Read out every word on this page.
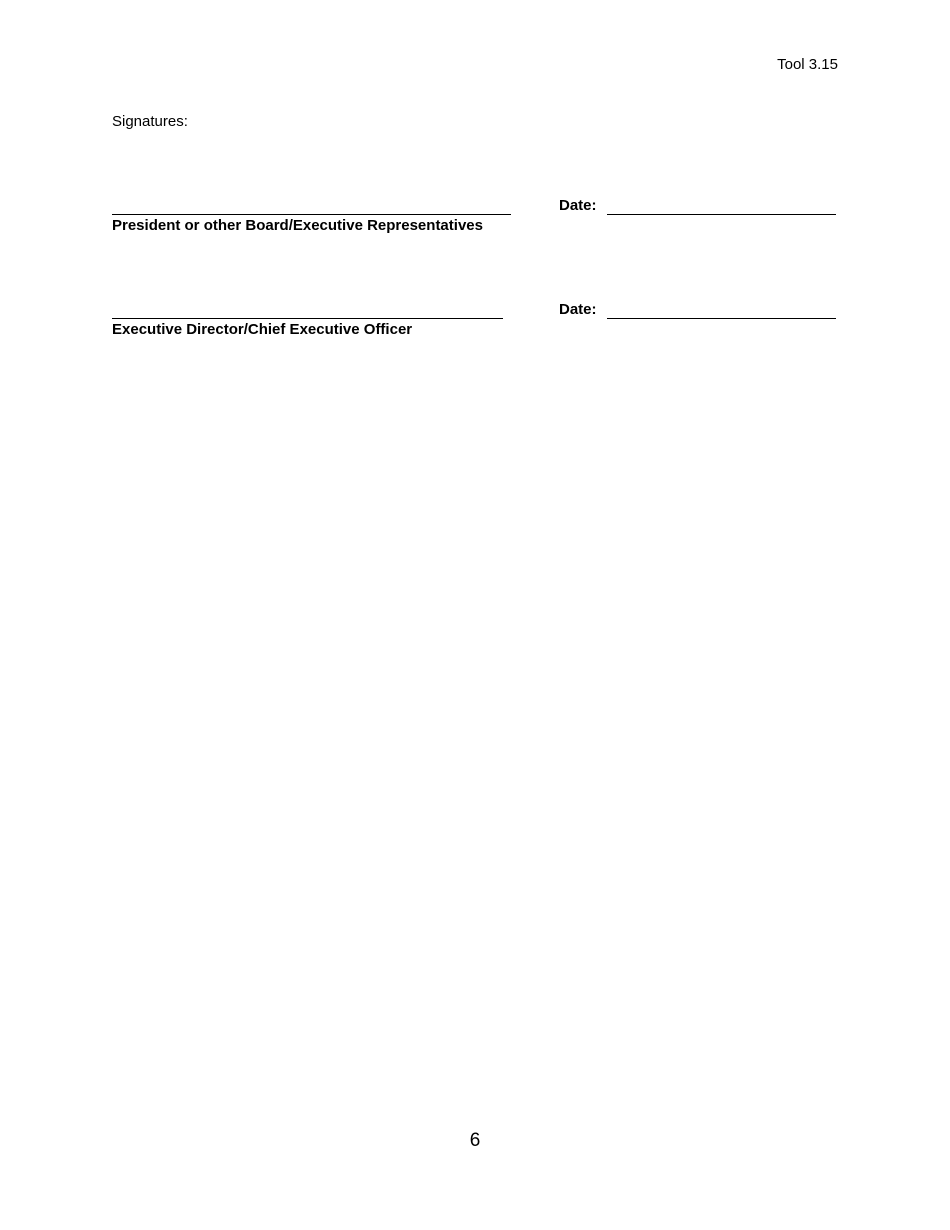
Tool 3.15
Signatures:
Date:
President or other Board/Executive Representatives
Date:
Executive Director/Chief Executive Officer
6
